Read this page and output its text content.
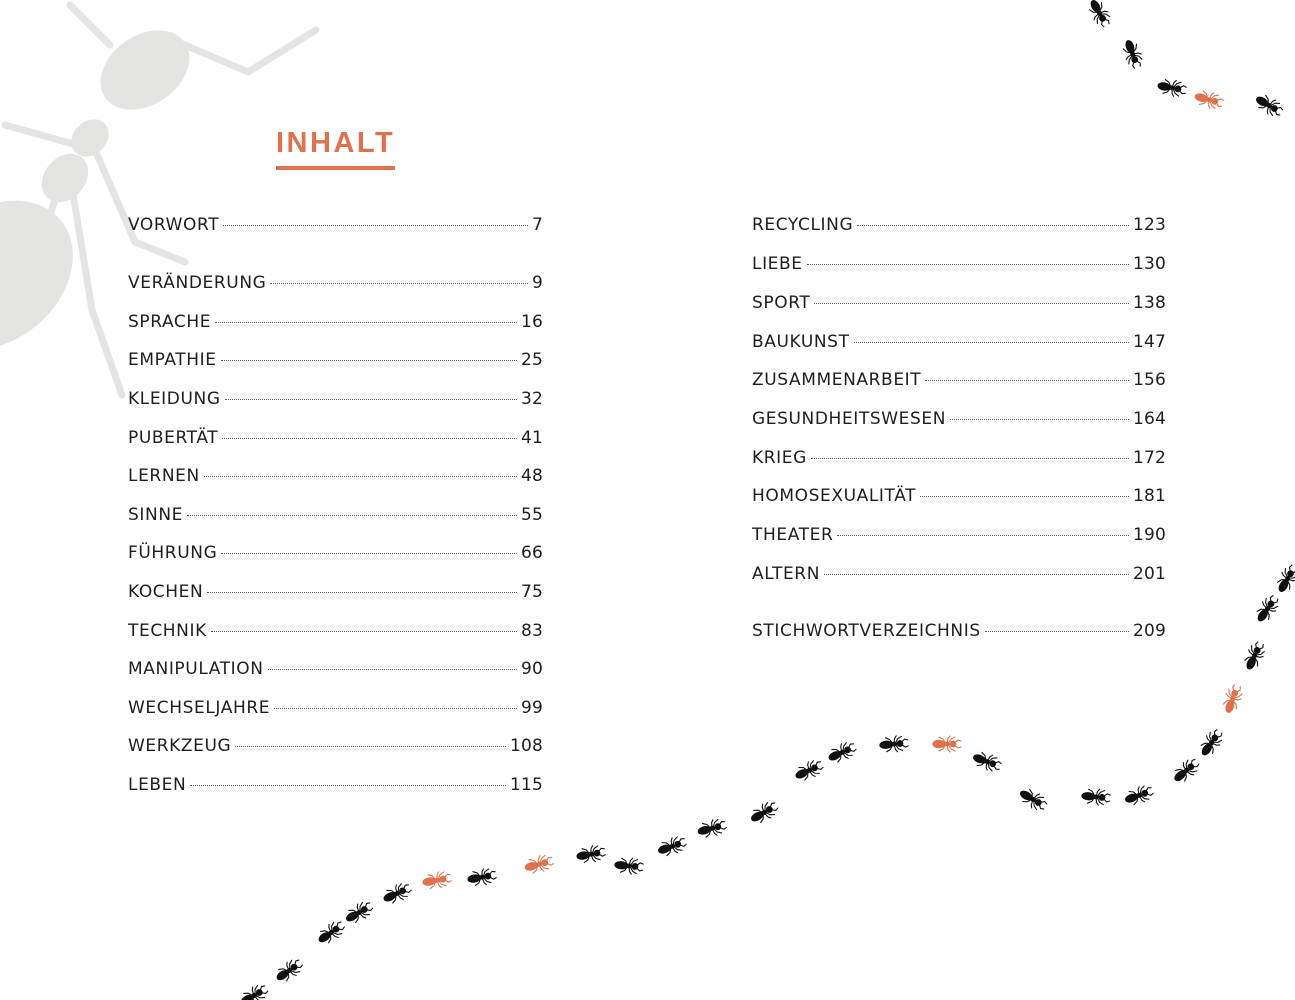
INHALT
VORWORT	7
VERÄNDERUNG	9
SPRACHE	16
EMPATHIE	25
KLEIDUNG	32
PUBERTÄT	41
LERNEN	48
SINNE	55
FÜHRUNG	66
KOCHEN	75
TECHNIK	83
MANIPULATION	90
WECHSELJAHRE	99
WERKZEUG	108
LEBEN	115
RECYCLING	123
LIEBE	130
SPORT	138
BAUKUNST	147
ZUSAMMENARBEIT	156
GESUNDHEITSWESEN	164
KRIEG	172
HOMOSEXUALITÄT	181
THEATER	190
ALTERN	201
STICHWORTVERZEICHNIS	209
